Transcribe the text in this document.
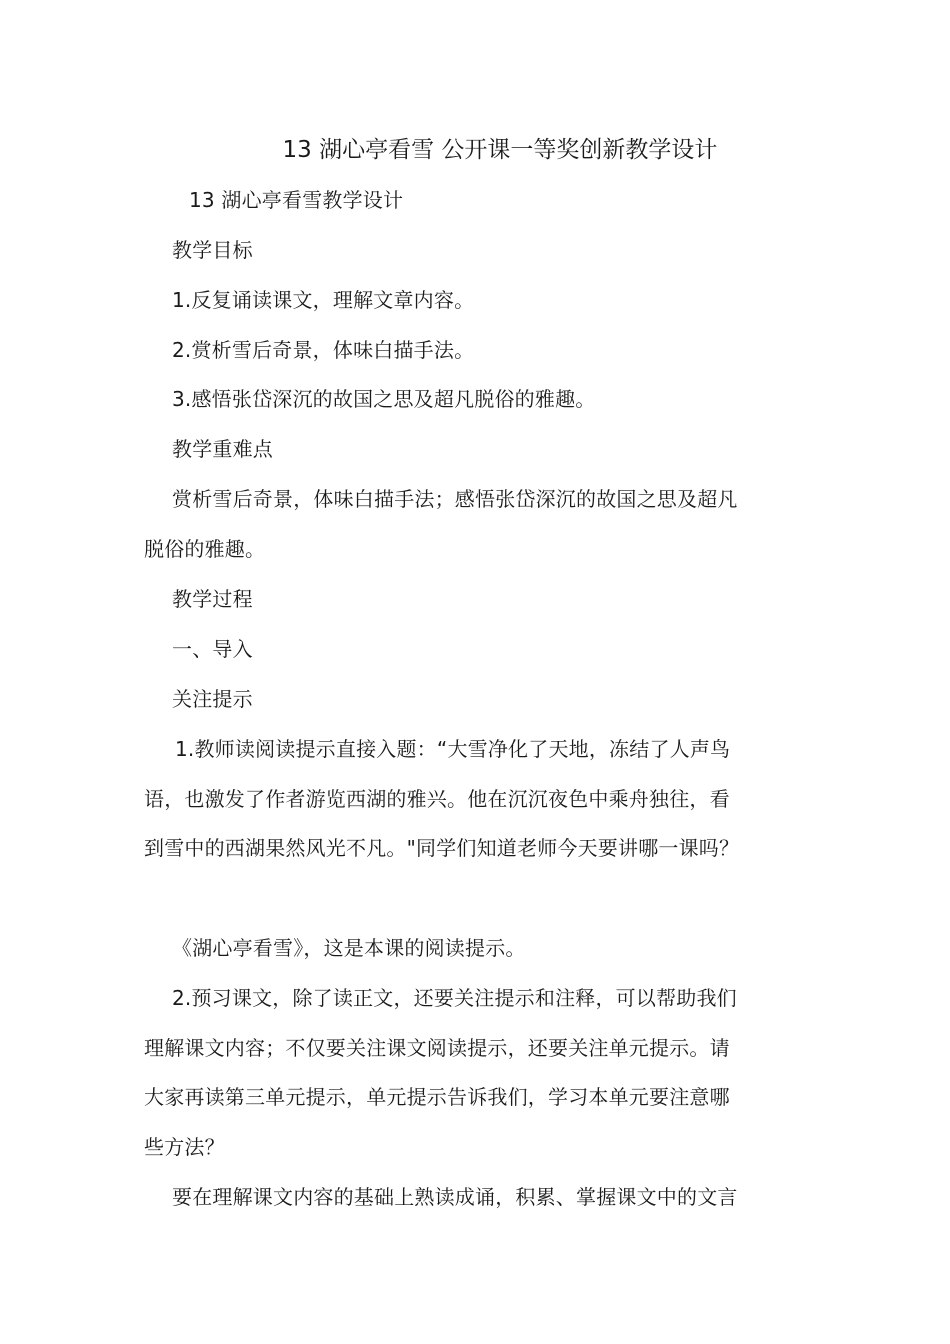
13 湖心亭看雪 公开课一等奖创新教学设计
13 湖心亭看雪教学设计
教学目标
1.反复诵读课文，理解文章内容。
2.赏析雪后奇景，体味白描手法。
3.感悟张岱深沉的故国之思及超凡脱俗的雅趣。
教学重难点
赏析雪后奇景，体味白描手法；感悟张岱深沉的故国之思及超凡
脱俗的雅趣。
教学过程
一、导入
关注提示
1.教师读阅读提示直接入题：“大雪净化了天地，冻结了人声鸟
语，也激发了作者游览西湖的雅兴。他在沉沉夜色中乘舟独往，看
到雪中的西湖果然风光不凡。"同学们知道老师今天要讲哪一课吗？
《湖心亭看雪》，这是本课的阅读提示。
2.预习课文，除了读正文，还要关注提示和注释，可以帮助我们
理解课文内容；不仅要关注课文阅读提示，还要关注单元提示。请
大家再读第三单元提示，单元提示告诉我们，学习本单元要注意哪
些方法？
要在理解课文内容的基础上熟读成诵，积累、掌握课文中的文言
